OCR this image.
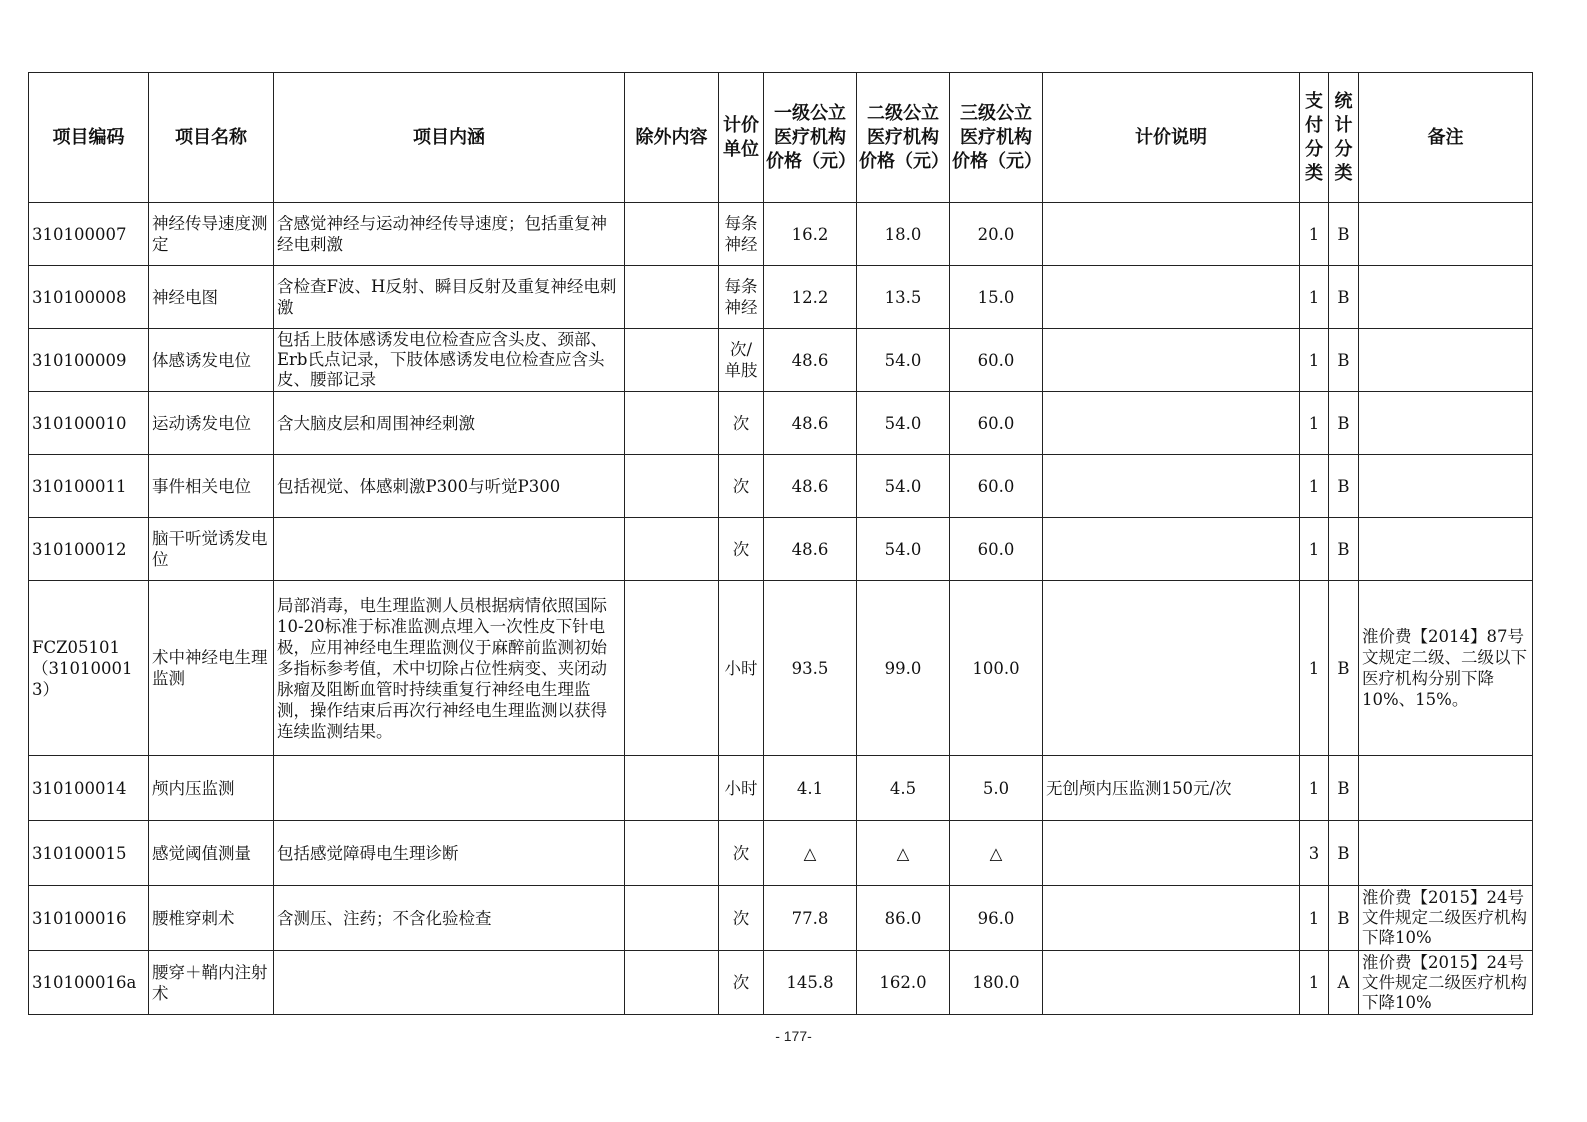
项目编码	项目名称	项目内涵	除外内容	计价单位	一级公立医疗机构价格（元）	二级公立医疗机构价格（元）	三级公立医疗机构价格（元）	计价说明	支付分类	统计分类	备注
310100007	神经传导速度测定	含感觉神经与运动神经传导速度；包括重复神经电刺激		每条神经	16.2	18.0	20.0		1	B	
310100008	神经电图	含检查F波、H反射、瞬目反射及重复神经电刺激		每条神经	12.2	13.5	15.0		1	B	
310100009	体感诱发电位	包括上肢体感诱发电位检查应含头皮、颈部、Erb氏点记录，下肢体感诱发电位检查应含头皮、腰部记录		次/单肢	48.6	54.0	60.0		1	B	
310100010	运动诱发电位	含大脑皮层和周围神经刺激		次	48.6	54.0	60.0		1	B	
310100011	事件相关电位	包括视觉、体感刺激P300与听觉P300		次	48.6	54.0	60.0		1	B	
310100012	脑干听觉诱发电位			次	48.6	54.0	60.0		1	B	
FCZ05101（310100013）	术中神经电生理监测	局部消毒，电生理监测人员根据病情依照国际10-20标准于标准监测点埋入一次性皮下针电极，应用神经电生理监测仪于麻醉前监测初始多指标参考值，术中切除占位性病变、夹闭动脉瘤及阻断血管时持续重复行神经电生理监测，操作结束后再次行神经电生理监测以获得连续监测结果。		小时	93.5	99.0	100.0		1	B	淮价费【2014】87号文规定二级、二级以下医疗机构分别下降10%、15%。
310100014	颅内压监测			小时	4.1	4.5	5.0	无创颅内压监测150元/次	1	B	
310100015	感觉阈值测量	包括感觉障碍电生理诊断		次	△	△	△		3	B	
310100016	腰椎穿刺术	含测压、注药；不含化验检查		次	77.8	86.0	96.0		1	B	淮价费【2015】24号文件规定二级医疗机构下降10%
310100016a	腰穿＋鞘内注射术			次	145.8	162.0	180.0		1	A	淮价费【2015】24号文件规定二级医疗机构下降10%
- 177-
